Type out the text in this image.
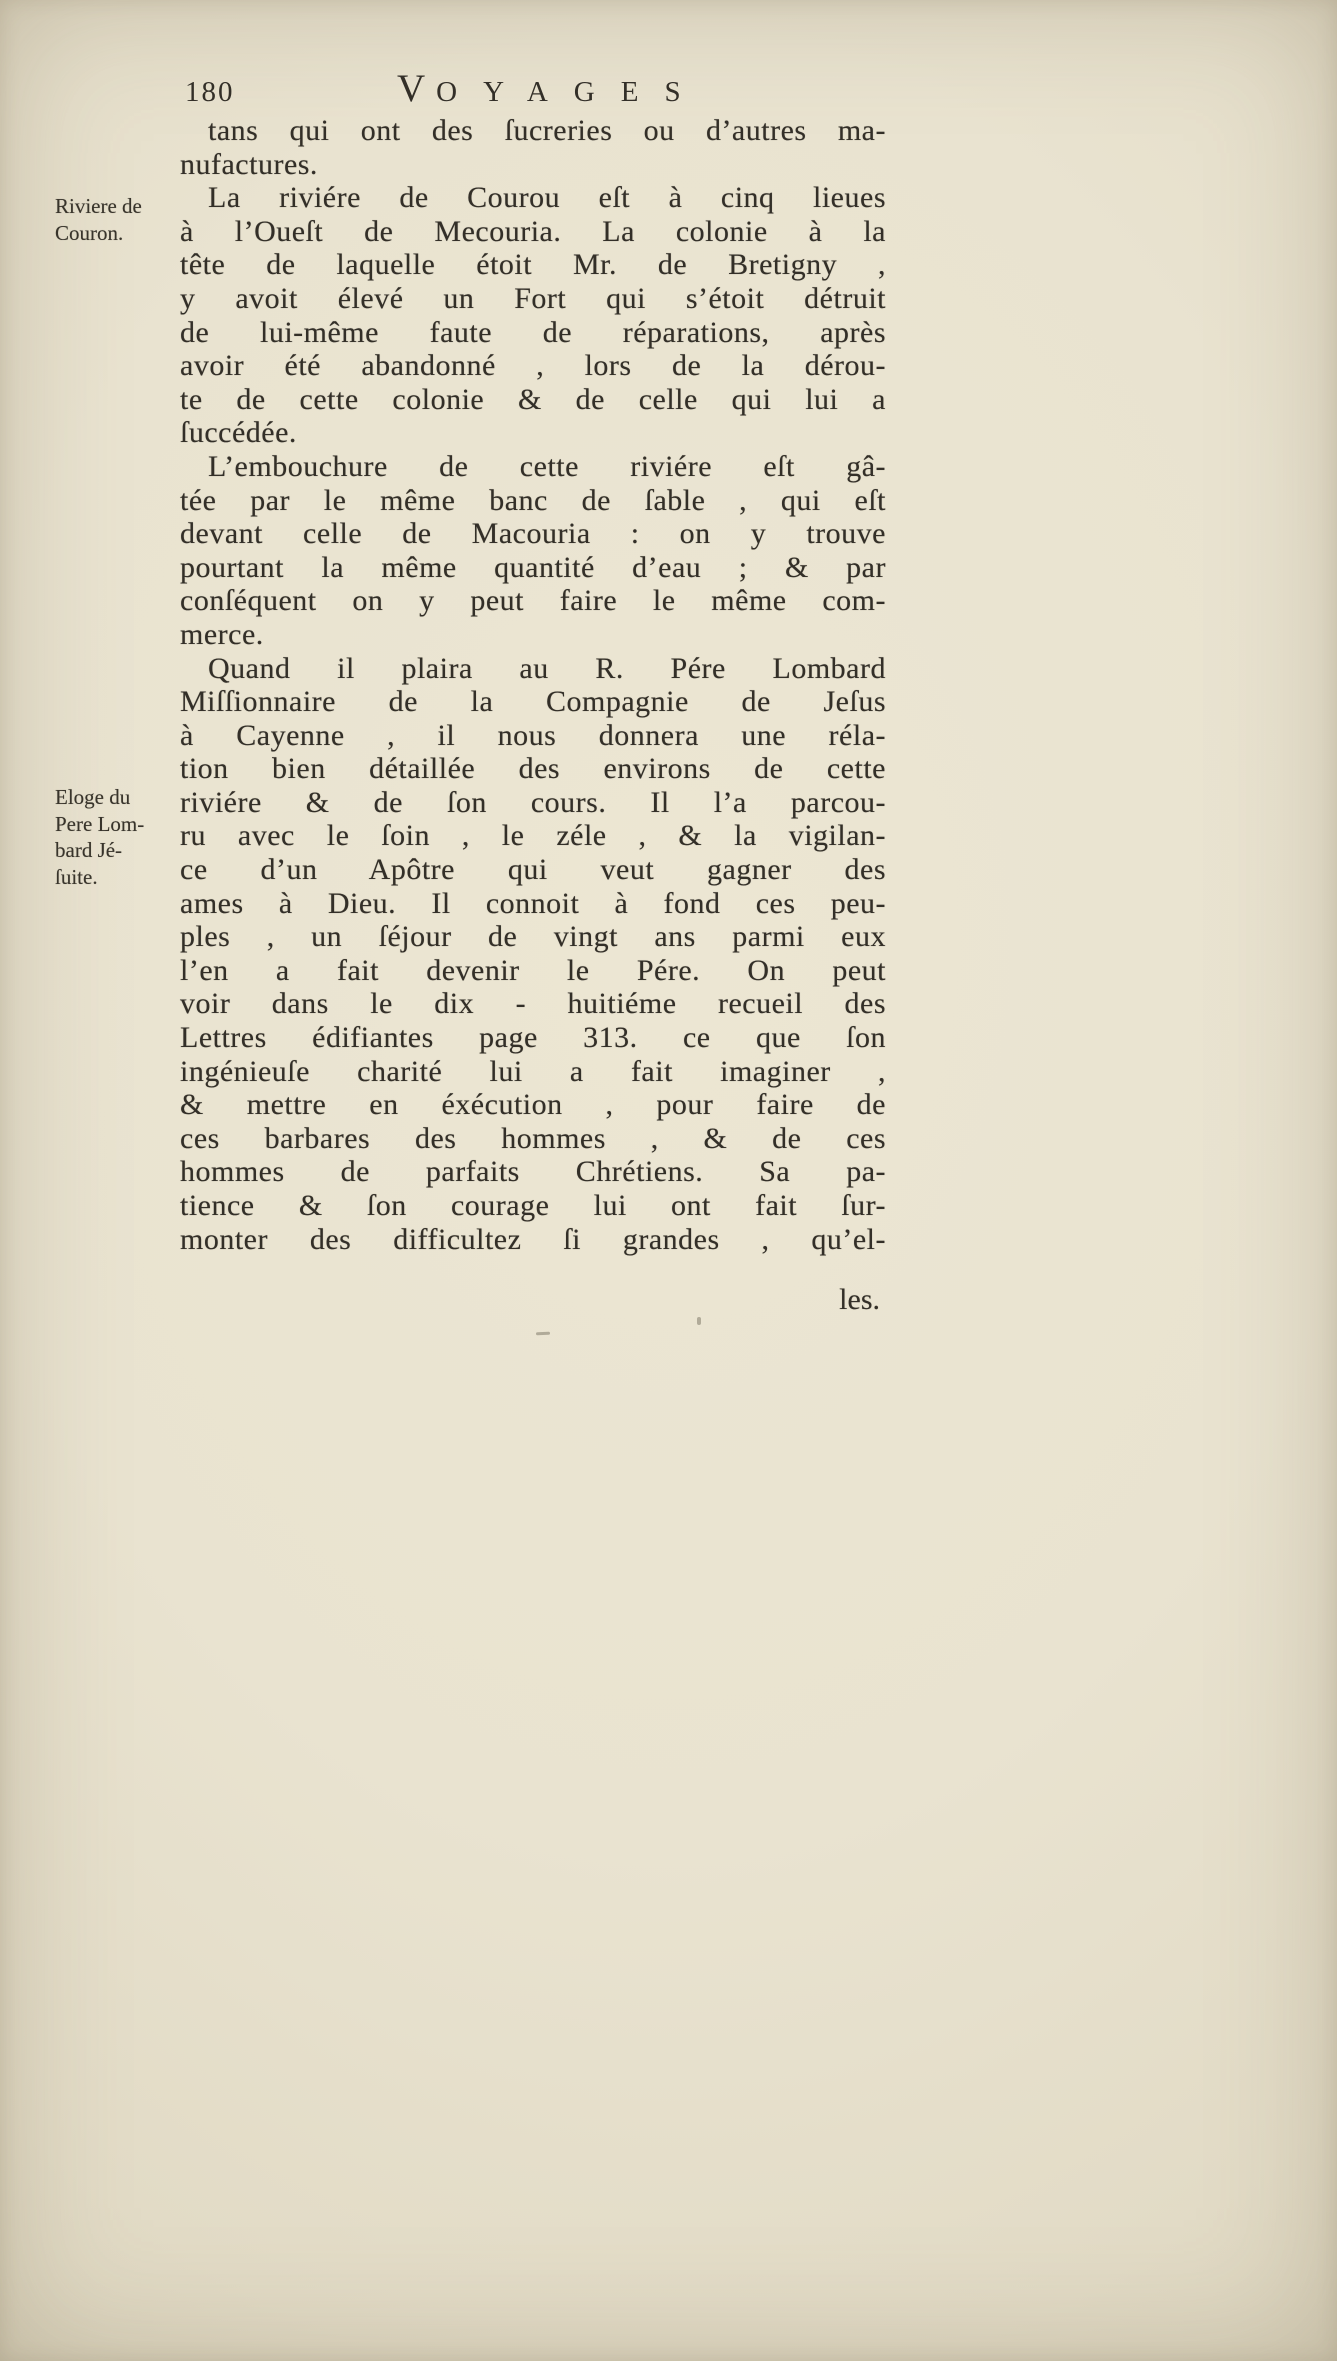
180	V OYAGES
Riviere de
Couron.
Eloge du
Pere Lom-
bard Jé-
ſuite.
tans qui ont des ſucreries ou d’autres ma-
nufactures.
La riviére de Courou eſt à cinq lieues
à l’Oueſt de Mecouria. La colonie à la
tête de laquelle étoit Mr. de Bretigny ,
y avoit élevé un Fort qui s’étoit détruit
de lui-même faute de réparations, après
avoir été abandonné , lors de la dérou-
te de cette colonie & de celle qui lui a
ſuccédée.
L’embouchure de cette riviére eſt gâ-
tée par le même banc de ſable , qui eſt
devant celle de Macouria : on y trouve
pourtant la même quantité d’eau ; & par
conſéquent on y peut faire le même com-
merce.
Quand il plaira au R. Pére Lombard
Miſſionnaire de la Compagnie de Jeſus
à Cayenne , il nous donnera une réla-
tion bien détaillée des environs de cette
riviére & de ſon cours. Il l’a parcou-
ru avec le ſoin , le zéle , & la vigilan-
ce d’un Apôtre qui veut gagner des
ames à Dieu. Il connoit à fond ces peu-
ples , un ſéjour de vingt ans parmi eux
l’en a fait devenir le Pére. On peut
voir dans le dix - huitiéme recueil des
Lettres édifiantes page 313. ce que ſon
ingénieuſe charité lui a fait imaginer ,
& mettre en éxécution , pour faire de
ces barbares des hommes , & de ces
hommes de parfaits Chrétiens. Sa pa-
tience & ſon courage lui ont fait ſur-
monter des difficultez ſi grandes , qu’el-
les.
